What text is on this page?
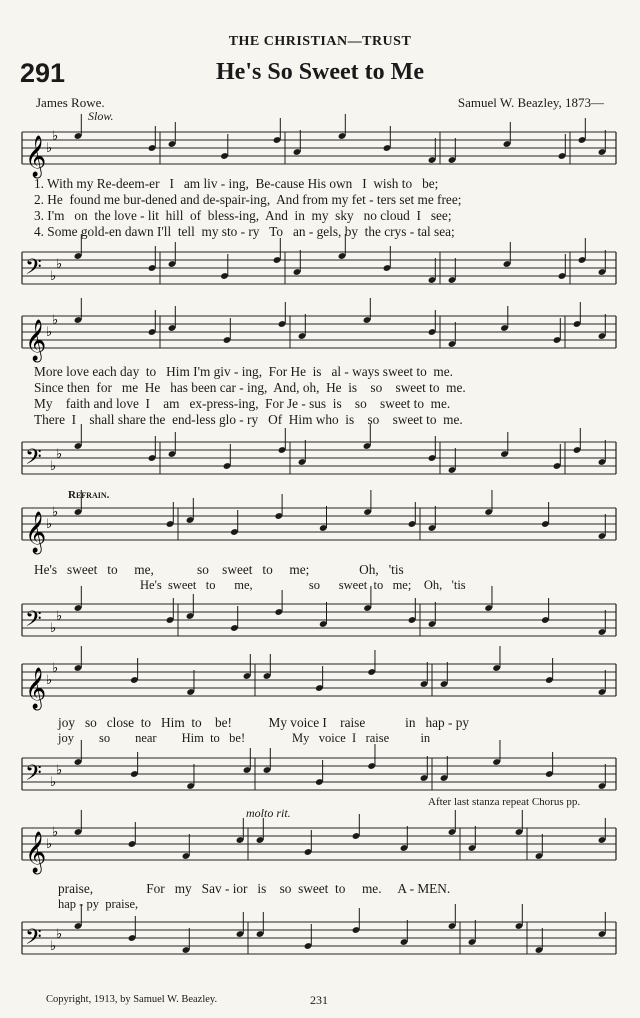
THE CHRISTIAN—TRUST
291	He's So Sweet to Me
James Rowe.	Samuel W. Beazley, 1873—
Slow.
𝄞 ♭
♭
1. With my Re-deem-er   I   am liv - ing,  Be-cause His own   I  wish to   be;
2. He  found me bur-dened and de-spair-ing,  And from my fet - ters set me free;
3. I'm   on  the love - lit  hill  of  bless-ing,  And  in  my  sky   no cloud  I   see;
4. Some gold-en dawn I'll  tell  my sto - ry   To   an - gels, by  the crys - tal sea;
𝄢 ♭
♭
𝄞 ♭
♭
More love each day  to   Him I'm giv - ing,  For He  is   al - ways sweet to  me.
Since then  for   me  He   has been car - ing,  And, oh,  He  is    so    sweet to  me.
My    faith and love  I    am   ex-press-ing,  For Je - sus  is    so    sweet to  me.
There  I    shall share the  end-less glo - ry   Of  Him who  is    so    sweet to  me.
𝄢 ♭
♭
Refrain.
𝄞 ♭
♭
He's   sweet   to     me,             so    sweet   to     me;               Oh,   'tis
He's  sweet   to      me,                  so      sweet  to   me;    Oh,   'tis
𝄢 ♭
♭
𝄞 ♭
♭
joy   so   close  to   Him  to    be!           My voice I    raise            in   hap - py
joy        so        near        Him  to   be!               My   voice  I   raise          in
𝄢 ♭
♭
After last stanza repeat Chorus pp.
molto rit.
𝄞 ♭
♭
praise,                For   my   Sav - ior   is    so  sweet  to     me.     A - MEN.
hap - py  praise,
𝄢 ♭
♭
Copyright, 1913, by Samuel W. Beazley.	231
